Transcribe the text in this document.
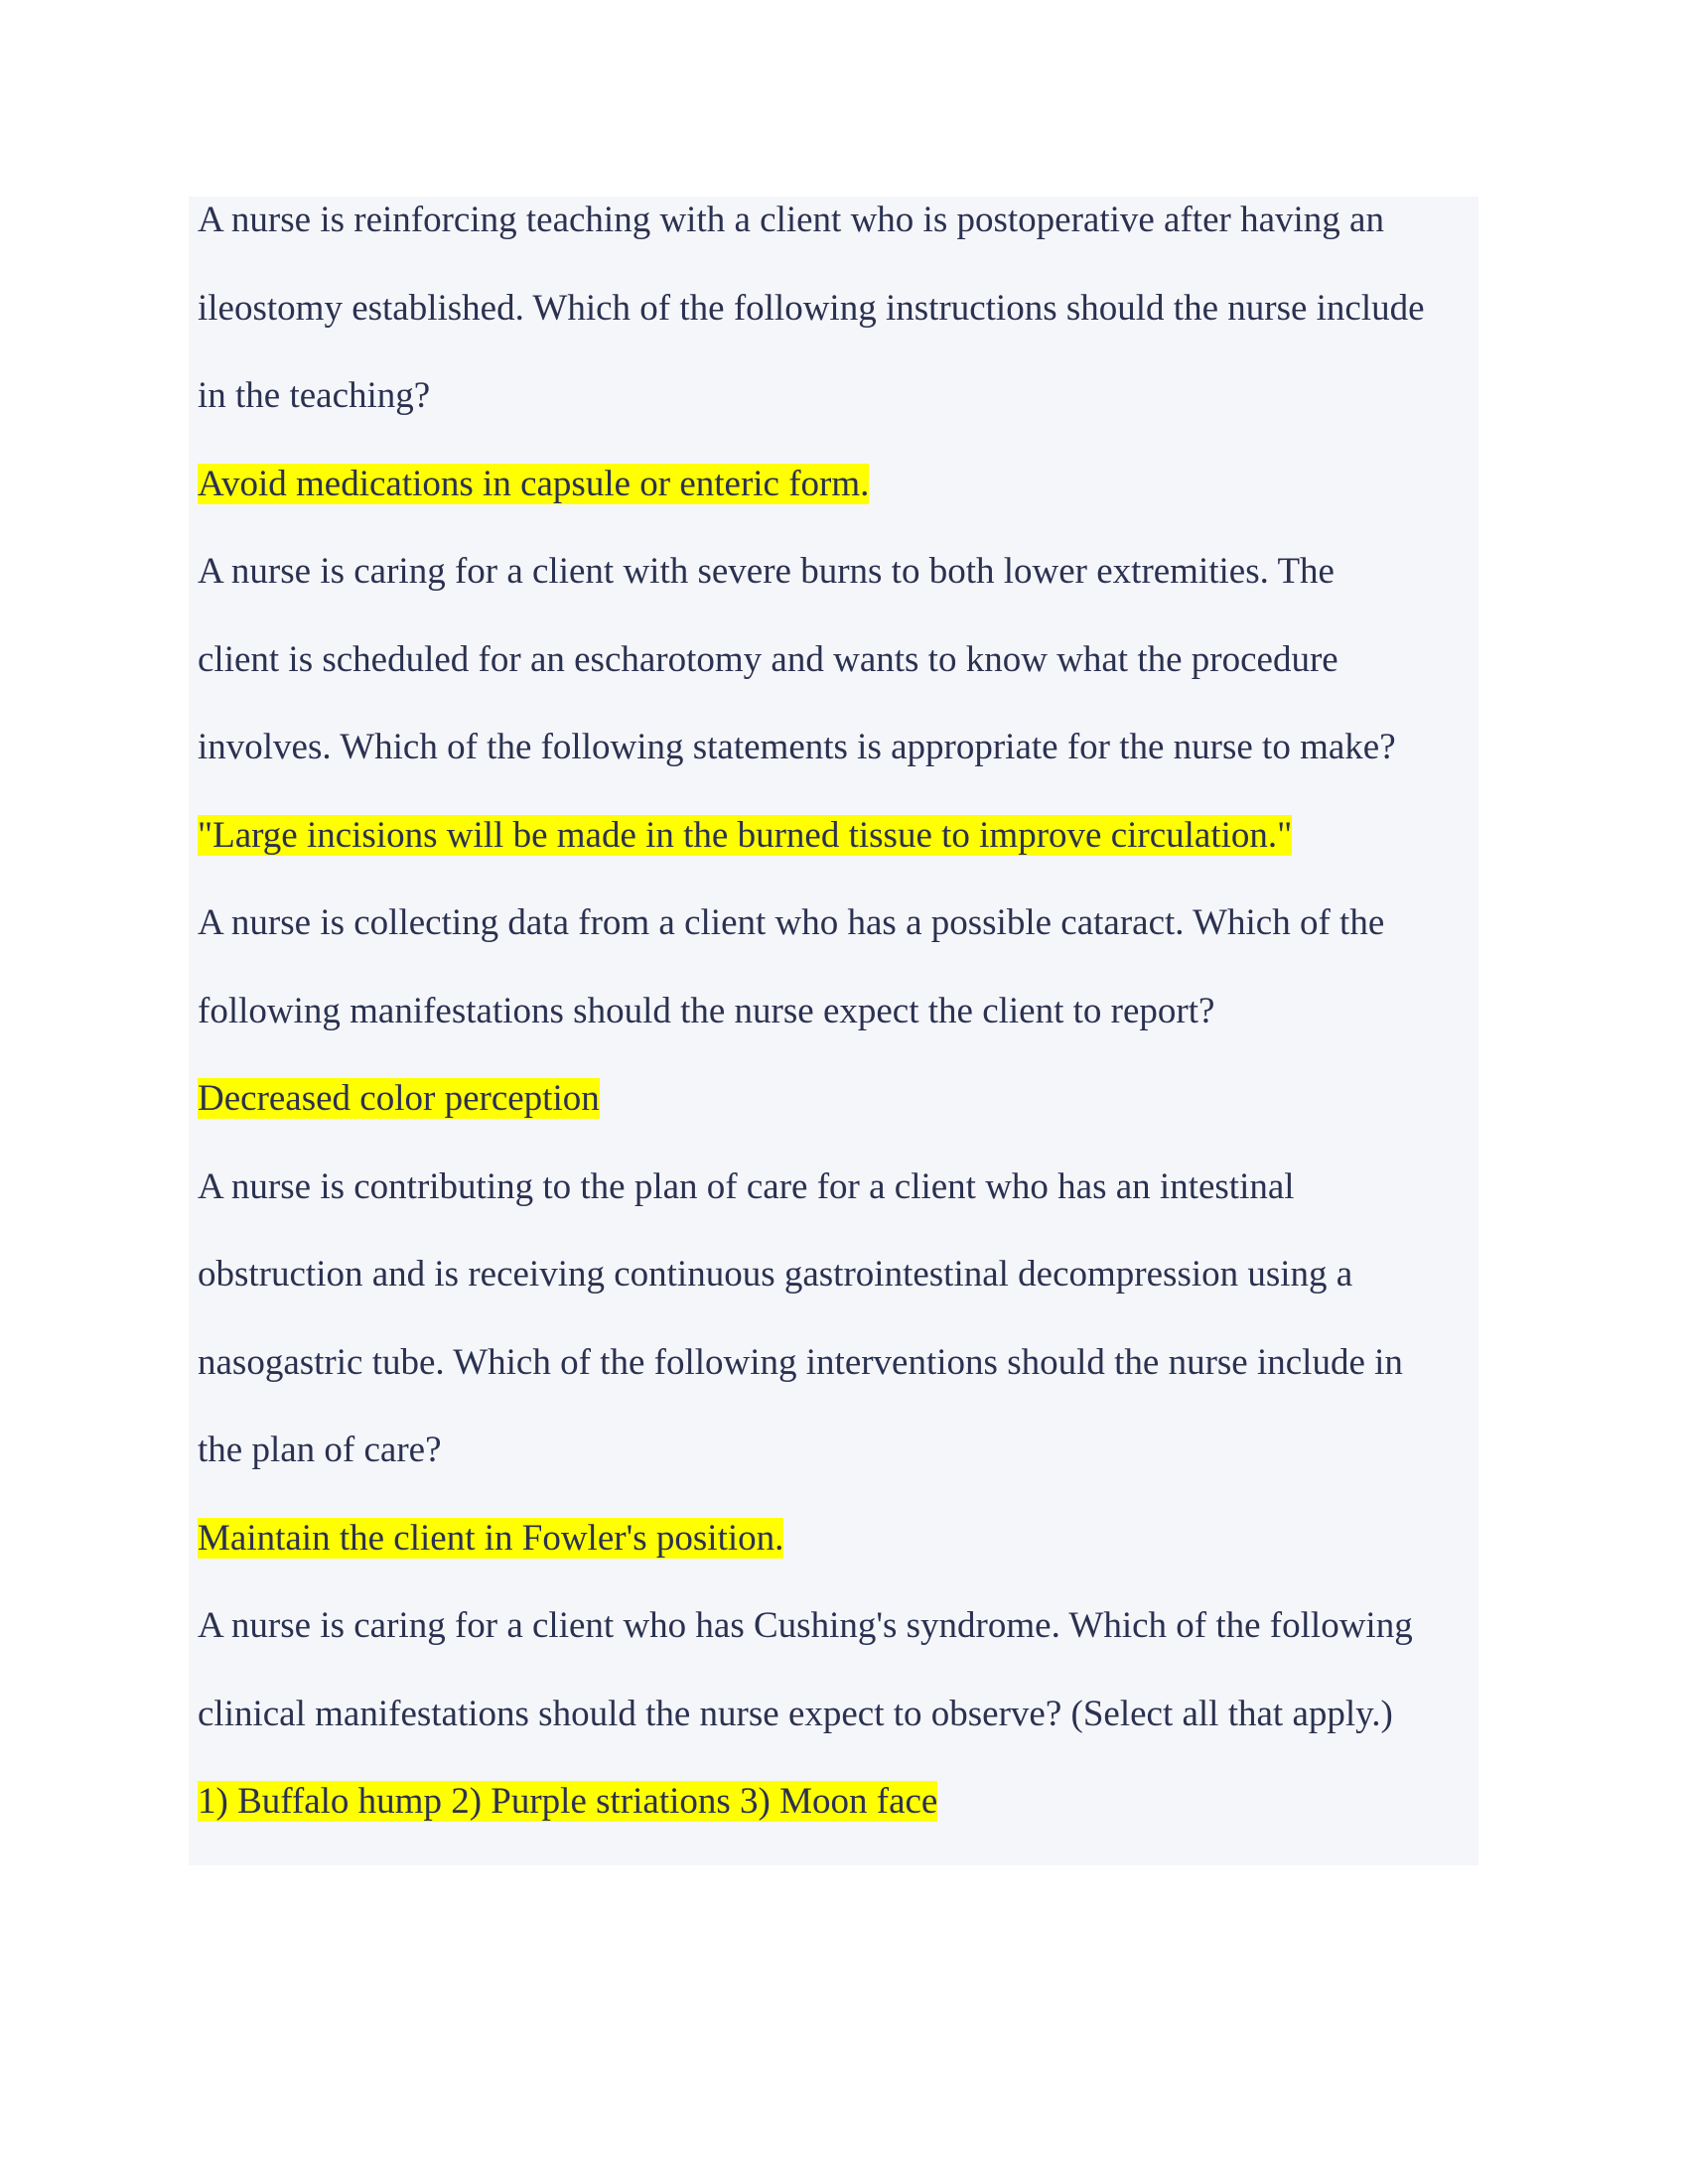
A nurse is reinforcing teaching with a client who is postoperative after having an
ileostomy established. Which of the following instructions should the nurse include
in the teaching?
Avoid medications in capsule or enteric form.
A nurse is caring for a client with severe burns to both lower extremities. The
client is scheduled for an escharotomy and wants to know what the procedure
involves. Which of the following statements is appropriate for the nurse to make?
"Large incisions will be made in the burned tissue to improve circulation."
A nurse is collecting data from a client who has a possible cataract. Which of the
following manifestations should the nurse expect the client to report?
Decreased color perception
A nurse is contributing to the plan of care for a client who has an intestinal
obstruction and is receiving continuous gastrointestinal decompression using a
nasogastric tube. Which of the following interventions should the nurse include in
the plan of care?
Maintain the client in Fowler's position.
A nurse is caring for a client who has Cushing's syndrome. Which of the following
clinical manifestations should the nurse expect to observe? (Select all that apply.)
1) Buffalo hump 2) Purple striations 3) Moon face
